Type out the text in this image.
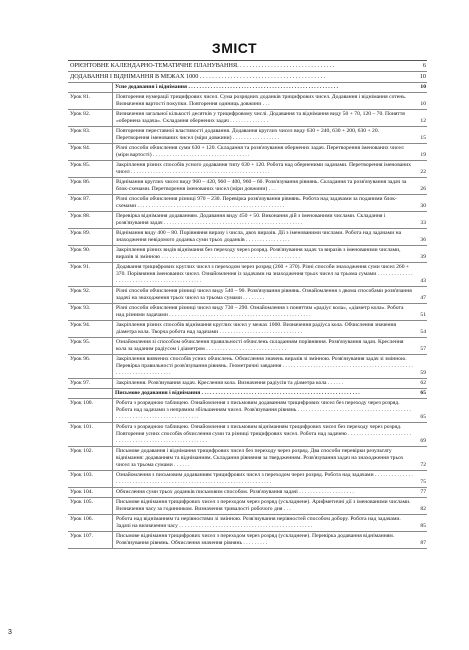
ЗМІСТ
ОРІЄНТОВНЕ КАЛЕНДАРНО-ТЕМАТИЧНЕ ПЛАНУВАННЯ. . . . . . . . . . . . . . . . . . . . . . . . . . . . . . . .	6
ДОДАВАННЯ І ВІДНІМАННЯ В МЕЖАХ 1000 . . . . . . . . . . . . . . . . . . . . . . . . . . . . . . . . . . . . . . . . .	10
Усне додавання і віднімання . . . . . . . . . . . . . . . . . . . . . . . . . . . . . . . . . . . . . . . . . . . . . . . . . . . . . .	10
Урок 81.	Повторення нумерації трицифрових чисел. Сума розрядних доданків трицифрових чисел. Додавання і віднімання сотень. Визначення вартості покупки. Повторення одиниць довжини . . .	10
Урок 82.	Визначення загальної кількості десятків у трицифровому числі. Додавання та віднімання виду 50 + 70, 120 – 70. Поняття «обернена задача». Складання обернених задач . . . . . . . . . . . . . .	12
Урок 83.	Повторення переставної властивості додавання. Додавання круглих чисел виду 630 + 240, 630 + 200, 630 + 20. Перетворення іменованих чисел (міри довжини) . . . . . . . . . . . . . . . . .	15
Урок 84.	Різні способи обчислення суми 630 + 120. Складання та розв'язування обернених задач. Перетворення іменованих чисел (міри вартості) . . . . . . . . . . . . . . . . . . . . . . . . . . . . . . . . . . .	19
Урок 85.	Закріплення різних способів усного додавання типу 630 + 120. Робота над оберненими задачами. Перетворення іменованих чисел . . . . . . . . . . . . . . . . . . . . . . . . . . . . . . . . . . . . . . . . . . . . . . . . . .	22
Урок 86.	Віднімання круглих чисел виду 960 – 420, 960 – 400, 960 – 60. Розв'язування рівнянь. Складання та розв'язування задач за блок-схемами. Перетворення іменованих чисел (міри довжини) . . .	26
Урок 87.	Різні способи обчислення різниці 970 – 230. Перевірка розв'язування рівнянь. Робота над задачами за поданими блок-схемами . . . . . . . . . . . . . . . . . . . . . . . . . . . . . . . . . . . . . . . . . . . . . . . . . . . . .	30
Урок 88.	Перевірка віднімання додаванням. Додавання виду 450 + 50. Виконання дій з іменованими числами. Складання і розв'язування задач . . . . . . . . . . . . . . . . . . . . . . . . . . . . . . . . . . . . . . . . . . . . . . . . . .	33
Урок 89.	Віднімання виду 400 – 80. Порівняння виразу і числа, двох виразів. Дії з іменованими числами. Робота над задачами на знаходження невідомого доданка суми трьох доданків . . . . . . . . . . . . . . . .	36
Урок 90.	Закріплення різних видів віднімання без переходу через розряд. Розв'язування задач та виразів з іменованими числами, виразів зі змінною . . . . . . . . . . . . . . . . . . . . . . . . . . . . . . . . . . . . . . . . . . . . . . . . . .	39
Урок 91.	Додавання трицифрових круглих чисел з переходом через розряд (260 + 370). Різні способи знаходження суми чисел 260 + 370. Порівняння іменованих чисел. Ознайомлення із задачами на знаходження трьох чисел за трьома сумами . . . . . . . . . . . . . . . . . . . . . . . . . . . . . . . . . . . . . . . . . . . .	43
Урок 92.	Різні способи обчислення різниці чисел виду 540 – 90. Розв'язування рівнянь. Ознайомлення з двома способами розв'язання задачі на знаходження трьох чисел за трьома сумами . . . . . . . .	47
Урок 93.	Різні способи обчислення різниці чисел виду 730 – 290. Ознайомлення з поняттям «радіус кола», «діаметр кола». Робота над різними задачами . . . . . . . . . . . . . . . . . . . . . . . . . . . . . . . . . . . . . . . . . . . . . . . . . . .	51
Урок 94.	Закріплення різних способів віднімання круглих чисел у межах 1000. Визначення радіуса кола. Обчислення значення діаметра кола. Творча робота над задачами . . . . . . . . . . . . . . . . . . . . . . . . . . . . . .	54
Урок 95.	Ознайомлення зі способом обчислення правильності обчислень складанням порівняння. Розв'язування задач. Креслення кола за заданим радіусом і діаметром . . . . . . . . . . . . . . . . . . . . . . . . . . . . .	57
Урок 96.	Закріплення вивчених способів усних обчислень. Обчислення значень виразів зі змінною. Розв'язування задач зі змінною. Перевірка правильності розв'язування рівнянь. Геометричні завдання . . . . . . . . . . . . . . . . . . . . . . . . . . . . . . . . . . . . . . . . . . . . . . . . . . . . . . . . . . . . . . . . . . .	59
Урок 97.	Закріплення. Розв'язування задач. Креслення кола. Визначення радіусів та діаметра кола . . . . . .	62
Письмове додавання і віднімання . . . . . . . . . . . . . . . . . . . . . . . . . . . . . . . . . . . . . . . . . . . . . . . . . . . . . . . . .	65
Урок 100.	Робота з розрядною таблицею. Ознайомлення з письмовим додаванням трицифрових чисел без переходу через розряд. Робота над задачами з непрямим збільшенням чисел. Розв'язування рівнянь . . . . . . . . . . . . . . . . . . . . . . . . . . . . . . . . . . . . . . . . . . . . . . . . . . . . . . . . . . . . . . . . . . . . . . .	65
Урок 101.	Робота з розрядною таблицею. Ознайомлення з письмовим відніманням трицифрових чисел без переходу через розряд. Повторення усних способів обчислення суми та різниці трицифрових чисел. Робота над задачею . . . . . . . . . . . . . . . . . . . . . . . . . . . . . . . . . . . . . . . . . . . . . . . . . . . . . . . .	69
Урок 102.	Письмове додавання і віднімання трицифрових чисел без переходу через розряд. Два способи перевірки результату віднімання: додаванням та відніманням. Складання рівняння за твердженням. Розв'язування задач на знаходження трьох чисел за трьома сумами . . . . . .	72
Урок 103.	Ознайомлення з письмовим додаванням трицифрових чисел з переходом через розряд. Робота над задачами . . . . . . . . . . . . . . . . . . . . . . . . . . . . . . . . . . . . . . . . . . . . . . . . . . . . . . . . . . . . . . . . . . . . . .	75
Урок 104.	Обчислення суми трьох доданків письмовим способом. Розв'язування задачі . . . . . . . . . . . . . . . . . . . .	77
Урок 105.	Письмове віднімання трицифрових чисел з переходом через розряд (ускладнене). Арифметичні дії з іменованими числами. Визначення часу за годинником. Визначення тривалості робочого дня . . .	82
Урок 106.	Робота над відніманням та нерівностями зі змінною. Розв'язування нерівностей способом добору. Робота над задачами. Задачі на визначення часу . . . . . . . . . . . . . . . . . . . . . . . . . . . . . . . . . . . . . . . . . . . . . . . .	85
Урок 107.	Письмове віднімання трицифрових чисел з переходом через розряд (ускладнене). Перевірка додавання відніманням. Розв'язування рівнянь. Обчислення значення рівнянь . . . . . . . . .	87
3
